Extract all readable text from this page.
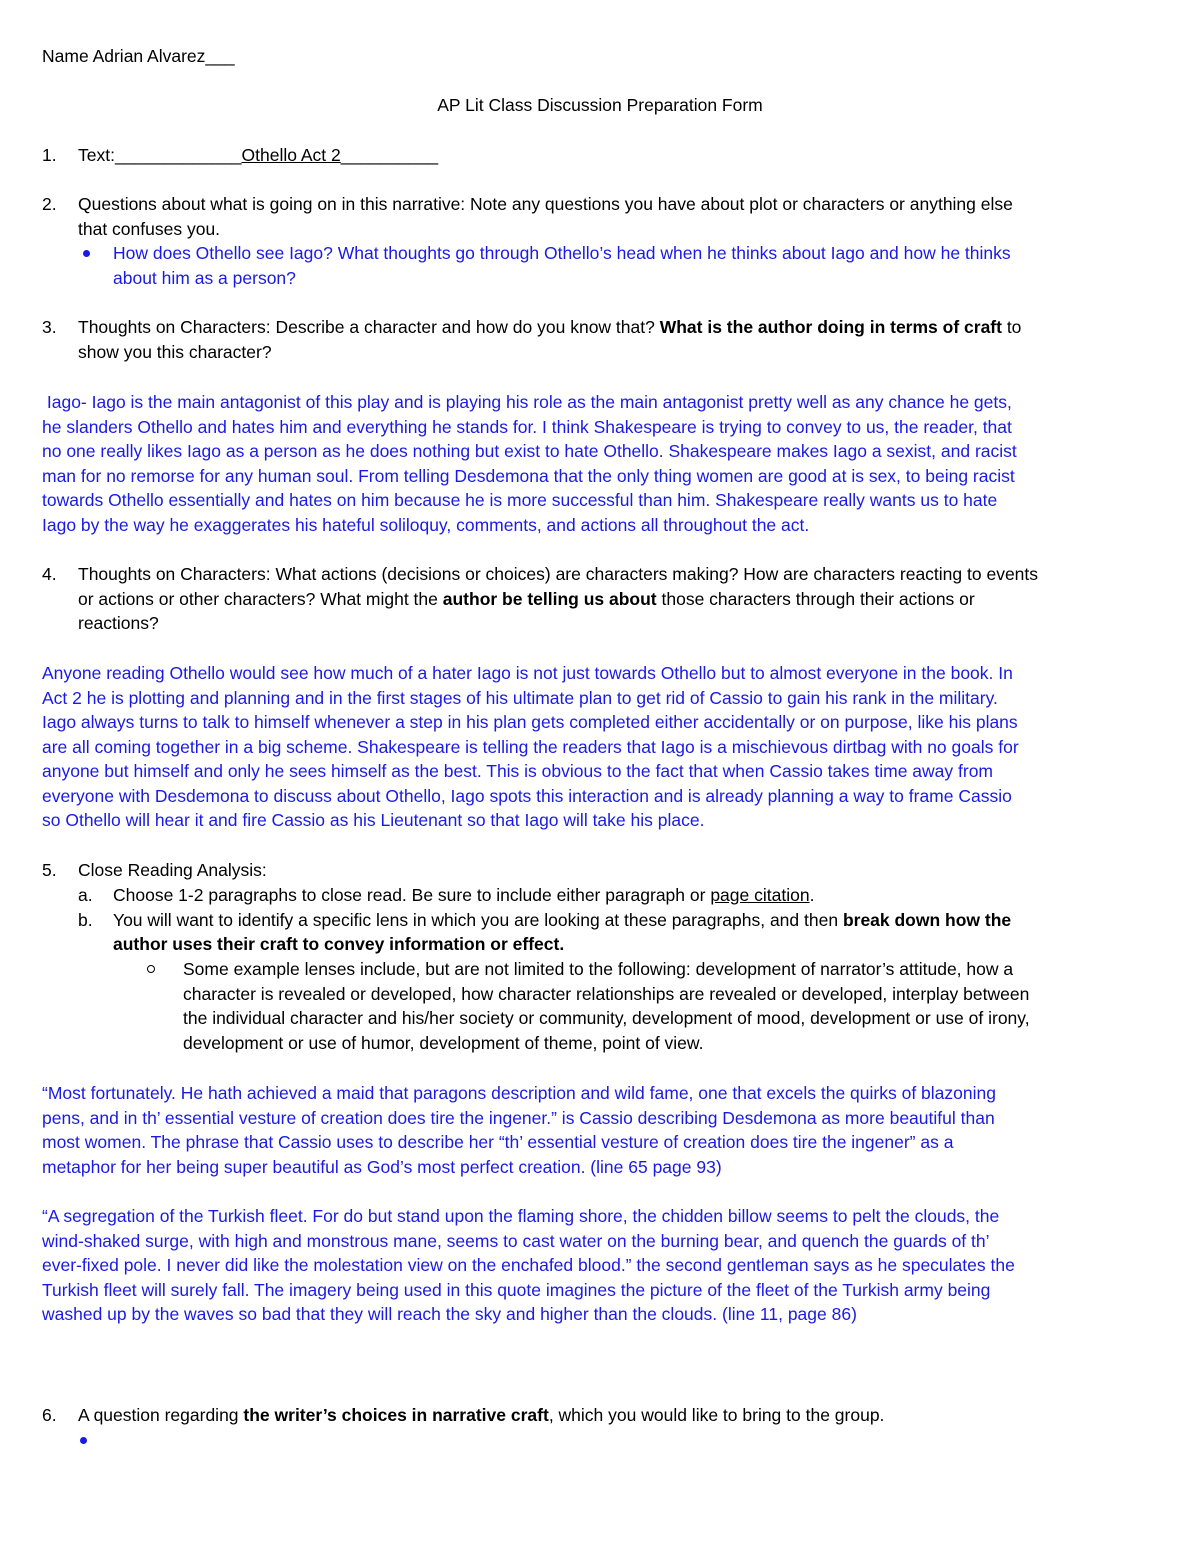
Name Adrian Alvarez___
AP Lit Class Discussion Preparation Form
1. Text:_____________Othello Act 2__________
2. Questions about what is going on in this narrative: Note any questions you have about plot or characters or anything else
that confuses you.
How does Othello see Iago? What thoughts go through Othello’s head when he thinks about Iago and how he thinks
about him as a person?
3. Thoughts on Characters: Describe a character and how do you know that? What is the author doing in terms of craft to
show you this character?
Iago- Iago is the main antagonist of this play and is playing his role as the main antagonist pretty well as any chance he gets,
he slanders Othello and hates him and everything he stands for. I think Shakespeare is trying to convey to us, the reader, that
no one really likes Iago as a person as he does nothing but exist to hate Othello. Shakespeare makes Iago a sexist, and racist
man for no remorse for any human soul. From telling Desdemona that the only thing women are good at is sex, to being racist
towards Othello essentially and hates on him because he is more successful than him. Shakespeare really wants us to hate
Iago by the way he exaggerates his hateful soliloquy, comments, and actions all throughout the act.
4. Thoughts on Characters: What actions (decisions or choices) are characters making? How are characters reacting to events
or actions or other characters? What might the author be telling us about those characters through their actions or
reactions?
Anyone reading Othello would see how much of a hater Iago is not just towards Othello but to almost everyone in the book. In
Act 2 he is plotting and planning and in the first stages of his ultimate plan to get rid of Cassio to gain his rank in the military.
Iago always turns to talk to himself whenever a step in his plan gets completed either accidentally or on purpose, like his plans
are all coming together in a big scheme. Shakespeare is telling the readers that Iago is a mischievous dirtbag with no goals for
anyone but himself and only he sees himself as the best. This is obvious to the fact that when Cassio takes time away from
everyone with Desdemona to discuss about Othello, Iago spots this interaction and is already planning a way to frame Cassio
so Othello will hear it and fire Cassio as his Lieutenant so that Iago will take his place.
5. Close Reading Analysis:
a. Choose 1-2 paragraphs to close read. Be sure to include either paragraph or page citation.
b. You will want to identify a specific lens in which you are looking at these paragraphs, and then break down how the
author uses their craft to convey information or effect.
Some example lenses include, but are not limited to the following: development of narrator’s attitude, how a
character is revealed or developed, how character relationships are revealed or developed, interplay between
the individual character and his/her society or community, development of mood, development or use of irony,
development or use of humor, development of theme, point of view.
“Most fortunately. He hath achieved a maid that paragons description and wild fame, one that excels the quirks of blazoning
pens, and in th’ essential vesture of creation does tire the ingener.” is Cassio describing Desdemona as more beautiful than
most women. The phrase that Cassio uses to describe her “th’ essential vesture of creation does tire the ingener” as a
metaphor for her being super beautiful as God’s most perfect creation. (line 65 page 93)
“A segregation of the Turkish fleet. For do but stand upon the flaming shore, the chidden billow seems to pelt the clouds, the
wind-shaked surge, with high and monstrous mane, seems to cast water on the burning bear, and quench the guards of th’
ever-fixed pole. I never did like the molestation view on the enchafed blood.” the second gentleman says as he speculates the
Turkish fleet will surely fall. The imagery being used in this quote imagines the picture of the fleet of the Turkish army being
washed up by the waves so bad that they will reach the sky and higher than the clouds. (line 11, page 86)
6. A question regarding the writer’s choices in narrative craft, which you would like to bring to the group.
